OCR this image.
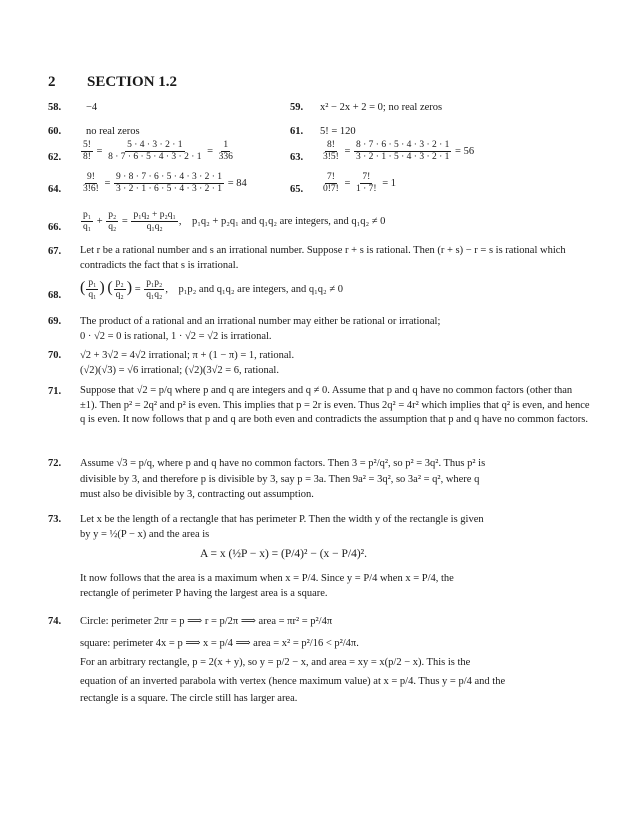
2 SECTION 1.2
58. −4	59. x² − 2x + 2 = 0; no real zeros
60. no real zeros	61. 5! = 120
62. $\frac{5!}{8!} = \frac{5 \cdot 4 \cdot 3 \cdot 2 \cdot 1}{8 \cdot 7 \cdot 6 \cdot 5 \cdot 4 \cdot 3 \cdot 2 \cdot 1} = \frac{1}{336}$	63. $\frac{8!}{3!5!} = \frac{8 \cdot 7 \cdot 6 \cdot 5 \cdot 4 \cdot 3 \cdot 2 \cdot 1}{3 \cdot 2 \cdot 1 \cdot 5 \cdot 4 \cdot 3 \cdot 2 \cdot 1} = 56$
64. $\frac{9!}{3!6!} = \frac{9 \cdot 8 \cdot 7 \cdot 6 \cdot 5 \cdot 4 \cdot 3 \cdot 2 \cdot 1}{3 \cdot 2 \cdot 1 \cdot 6 \cdot 5 \cdot 4 \cdot 3 \cdot 2 \cdot 1} = 84$
65. $\frac{7!}{0!7!} = \frac{7!}{1 \cdot 7!} = 1$
66. $\frac{\text{p₁}}{\text{q₁}} + \frac{\text{p₂}}{\text{q₂}} = \frac{\text{p₁q₂ + p₂q₁}}{\text{q₁q₂}}$ ,    p₁q₂ + p₂q₁ and q₁q₂ are integers, and q₁q₂ ≠ 0
67. Let r be a rational number and s an irrational number. Suppose r + s is rational. Then (r + s) − r = s is rational which contradicts the fact that s is irrational.
68. ( $\frac{\text{p₁}}{\text{q₁}}$ ) ( $\frac{\text{p₂}}{\text{q₂}}$ ) = $\frac{\text{p₁p₂}}{\text{q₁q₂}}$ ,    p₁p₂ and q₁q₂ are integers, and q₁q₂ ≠ 0
69. The product of a rational and an irrational number may either be rational or irrational;
0 · √2 = 0 is rational, 1 · √2 = √2 is irrational.
70. √2 + 3√2 = 4√2 irrational; π + (1 − π) = 1, rational.
(√2)(√3) = √6 irrational; (√2)(3√2 = 6, rational.
71. Suppose that √2 = p/q where p and q are integers and q ≠ 0. Assume that p and q have no common factors (other than ±1). Then p² = 2q² and p² is even. This implies that p = 2r is even. Thus 2q² = 4r² which implies that q² is even, and hence q is even. It now follows that p and q are both even and contradicts the assumption that p and q have no common factors.
72. Assume √3 = p/q, where p and q have no common factors. Then 3 = p²/q², so p² = 3q². Thus p² is
divisible by 3, and therefore p is divisible by 3, say p = 3a. Then 9a² = 3q², so 3a² = q², where q
must also be divisible by 3, contracting out assumption.
73. Let x be the length of a rectangle that has perimeter P. Then the width y of the rectangle is given
by y = ½(P − x) and the area is
A = x (½P − x) = (P/4)² − (x − P/4)².
It now follows that the area is a maximum when x = P/4. Since y = P/4 when x = P/4, the
rectangle of perimeter P having the largest area is a square.
74. Circle: perimeter 2πr = p ⟹ r = p/2π ⟹ area = πr² = p²/4π
square: perimeter 4x = p ⟹ x = p/4 ⟹ area = x² = p²/16 < p²/4π.
For an arbitrary rectangle, p = 2(x + y), so y = p/2 − x, and area = xy = x(p/2 − x). This is the
equation of an inverted parabola with vertex (hence maximum value) at x = p/4. Thus y = p/4 and the
rectangle is a square. The circle still has larger area.
